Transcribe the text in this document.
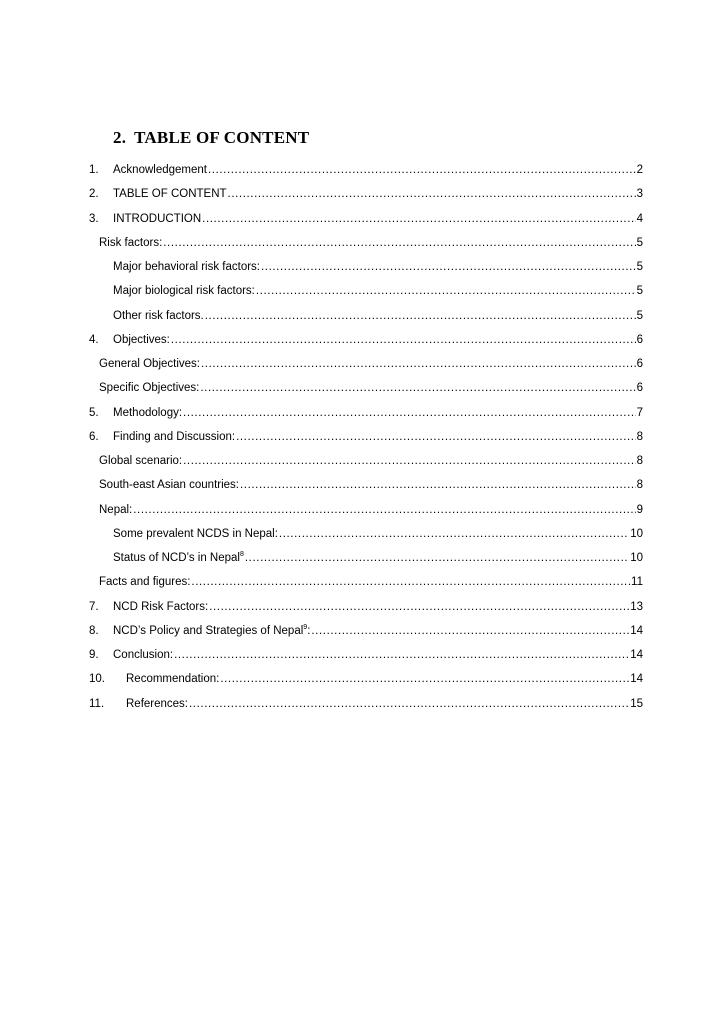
2. TABLE OF CONTENT
1.	Acknowledgement .....	2
2.	TABLE OF CONTENT .....	3
3.	INTRODUCTION .....	4
Risk factors: .....	5
Major behavioral risk factors: .....	5
Major biological risk factors: .....	5
Other risk factors. .....	5
4.	Objectives: .....	6
General Objectives: .....	6
Specific Objectives: .....	6
5.	Methodology: .....	7
6.	Finding and Discussion: .....	8
Global scenario: .....	8
South-east Asian countries: .....	8
Nepal: .....	9
Some prevalent NCDS in Nepal: .....	10
Status of NCD’s in Nepal$^8$ .....	10
Facts and figures: .....	11
7.	NCD Risk Factors: .....	13
8.	NCD’s Policy and Strategies of Nepal$^9$: .....	14
9.	Conclusion: .....	14
10.	Recommendation: .....	14
11.	References: .....	15
